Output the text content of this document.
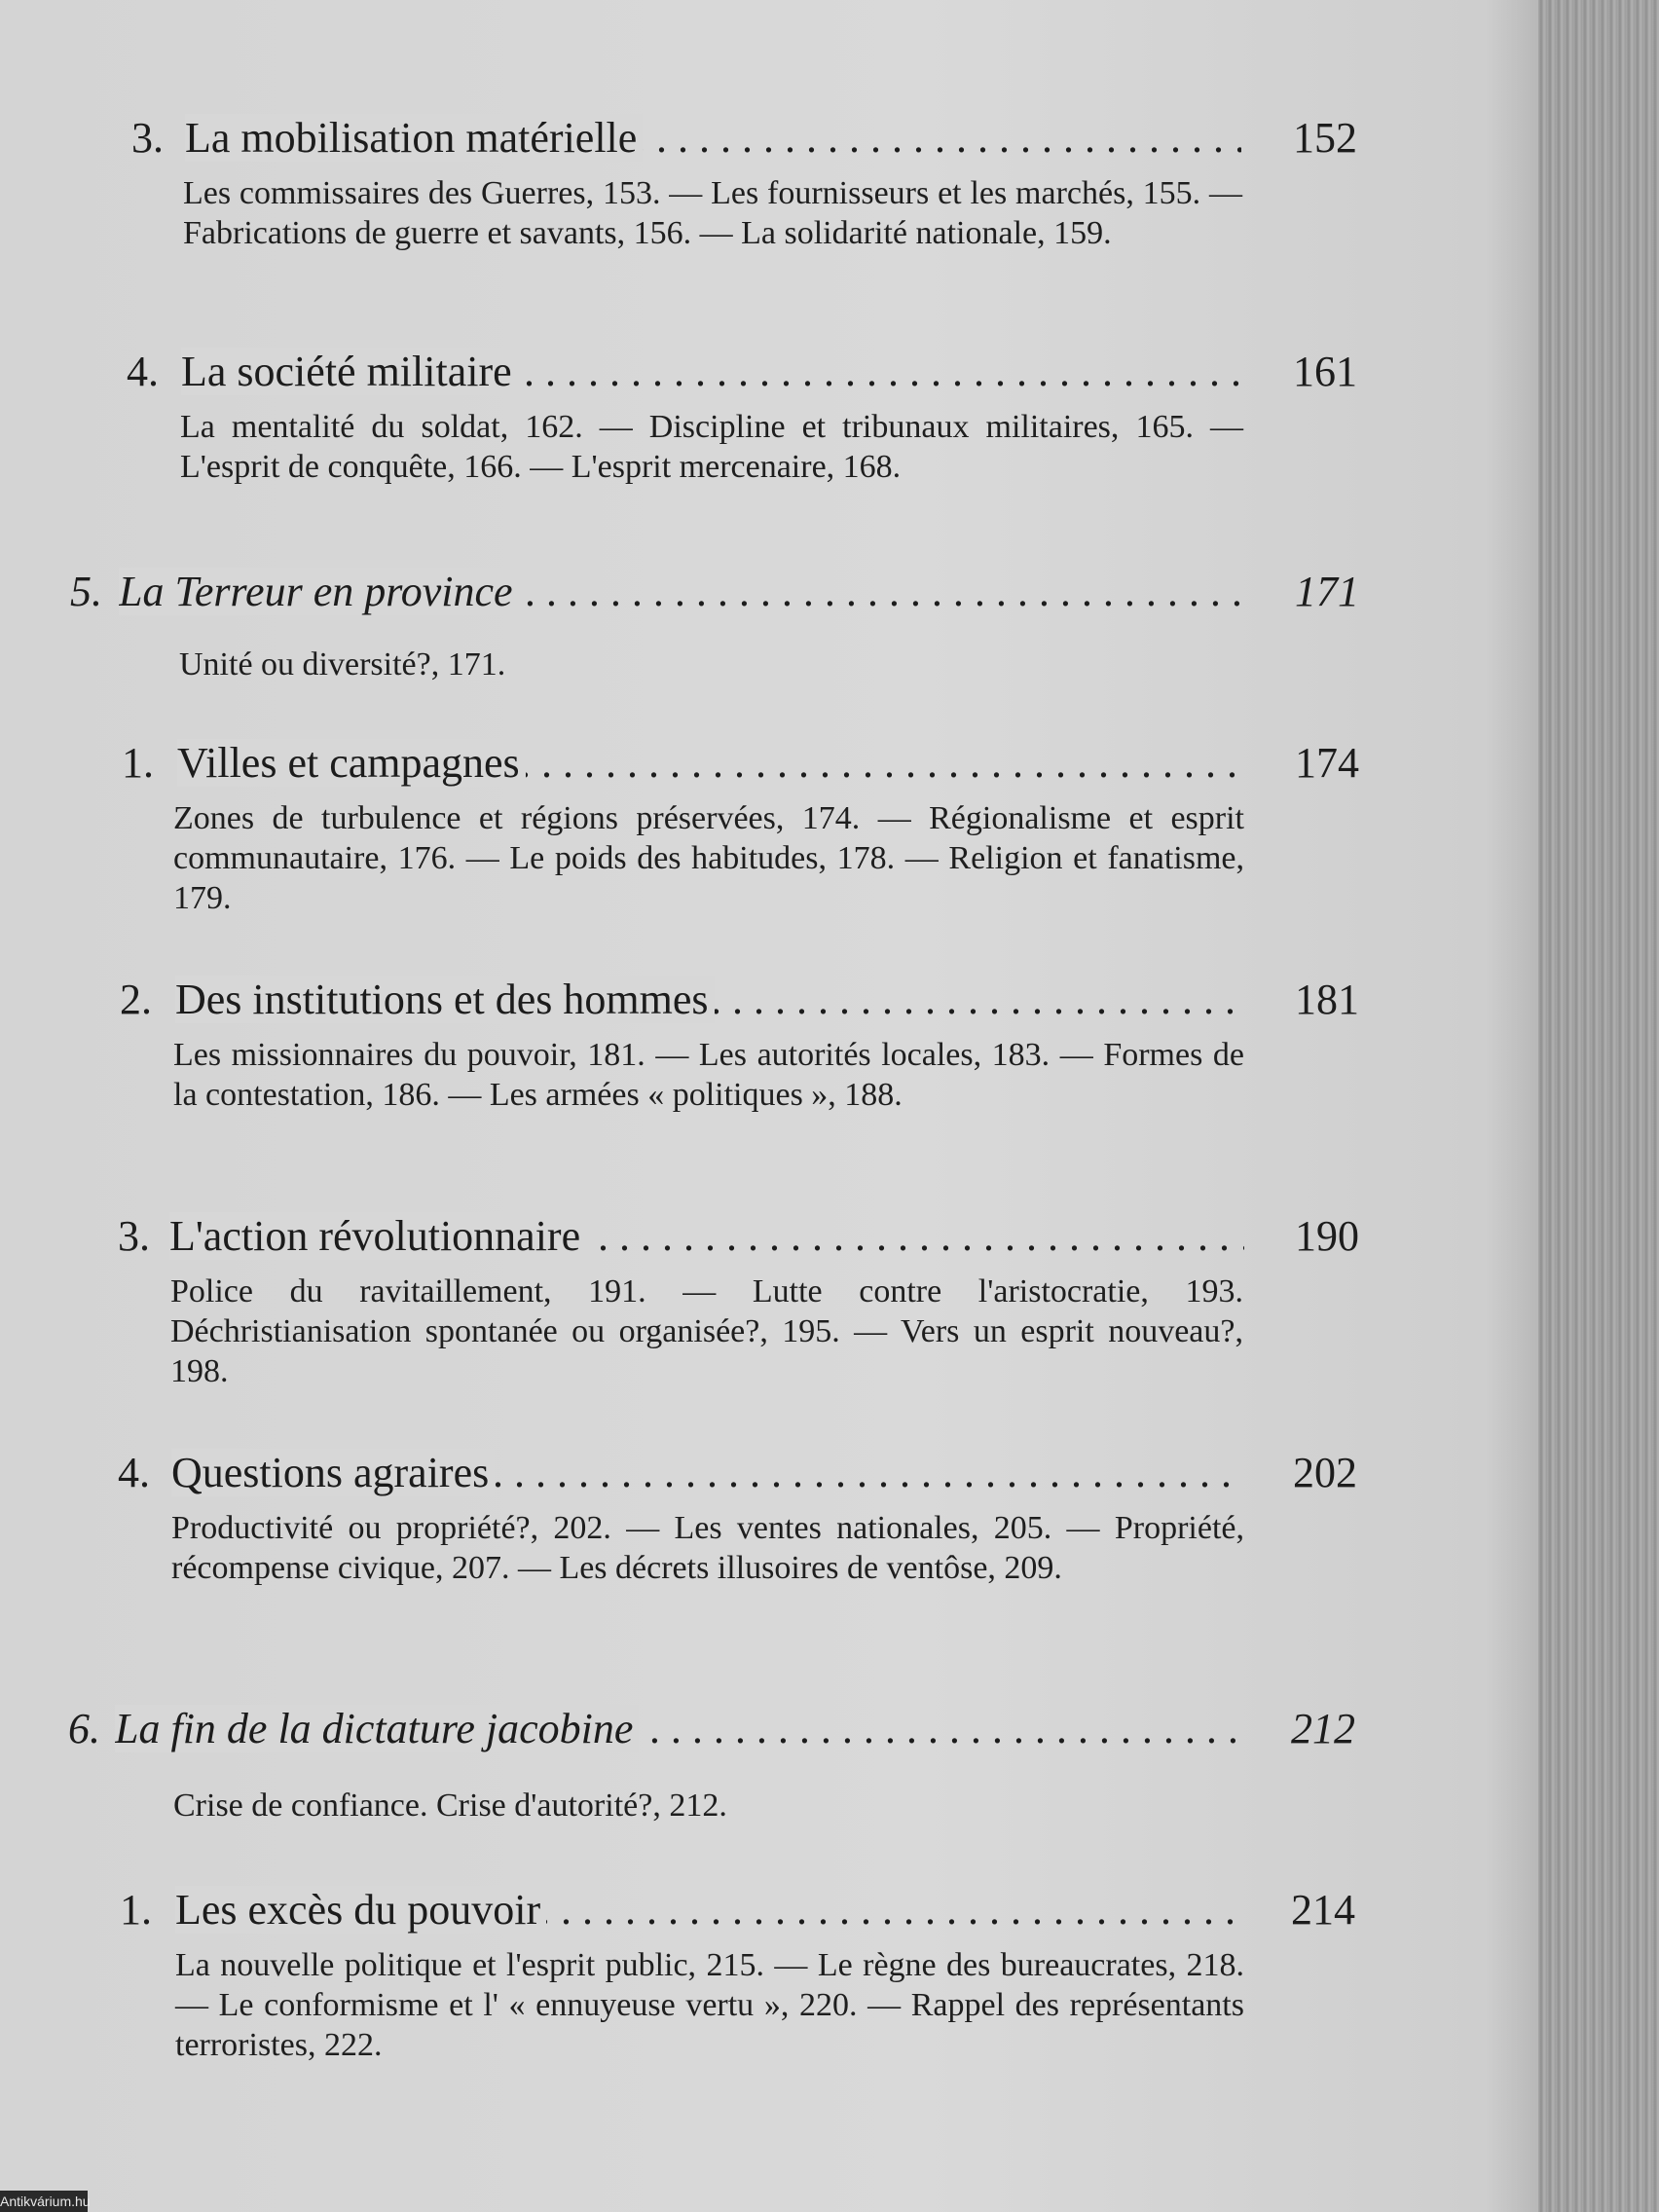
3. La mobilisation matérielle . . .	152
Les commissaires des Guerres, 153. — Les fournisseurs et les marchés, 155. — Fabrications de guerre et savants, 156. — La solidarité nationale, 159.
4. La société militaire . . .	161
La mentalité du soldat, 162. — Discipline et tribunaux militaires, 165. — L'esprit de conquête, 166. — L'esprit mercenaire, 168.
5. La Terreur en province . . .	171
Unité ou diversité?, 171.
1. Villes et campagnes . . .	174
Zones de turbulence et régions préservées, 174. — Régionalisme et esprit communautaire, 176. — Le poids des habitudes, 178. — Religion et fanatisme, 179.
2. Des institutions et des hommes . . .	181
Les missionnaires du pouvoir, 181. — Les autorités locales, 183. — Formes de la contestation, 186. — Les armées « politiques », 188.
3. L'action révolutionnaire . . .	190
Police du ravitaillement, 191. — Lutte contre l'aristocratie, 193. Déchristianisation spontanée ou organisée?, 195. — Vers un esprit nouveau?, 198.
4. Questions agraires . . .	202
Productivité ou propriété?, 202. — Les ventes nationales, 205. — Propriété, récompense civique, 207. — Les décrets illusoires de ventôse, 209.
6. La fin de la dictature jacobine . . .	212
Crise de confiance. Crise d'autorité?, 212.
1. Les excès du pouvoir . . .	214
La nouvelle politique et l'esprit public, 215. — Le règne des bureaucrates, 218. — Le conformisme et l' « ennuyeuse vertu », 220. — Rappel des représentants terroristes, 222.
Antikvárium.hu
